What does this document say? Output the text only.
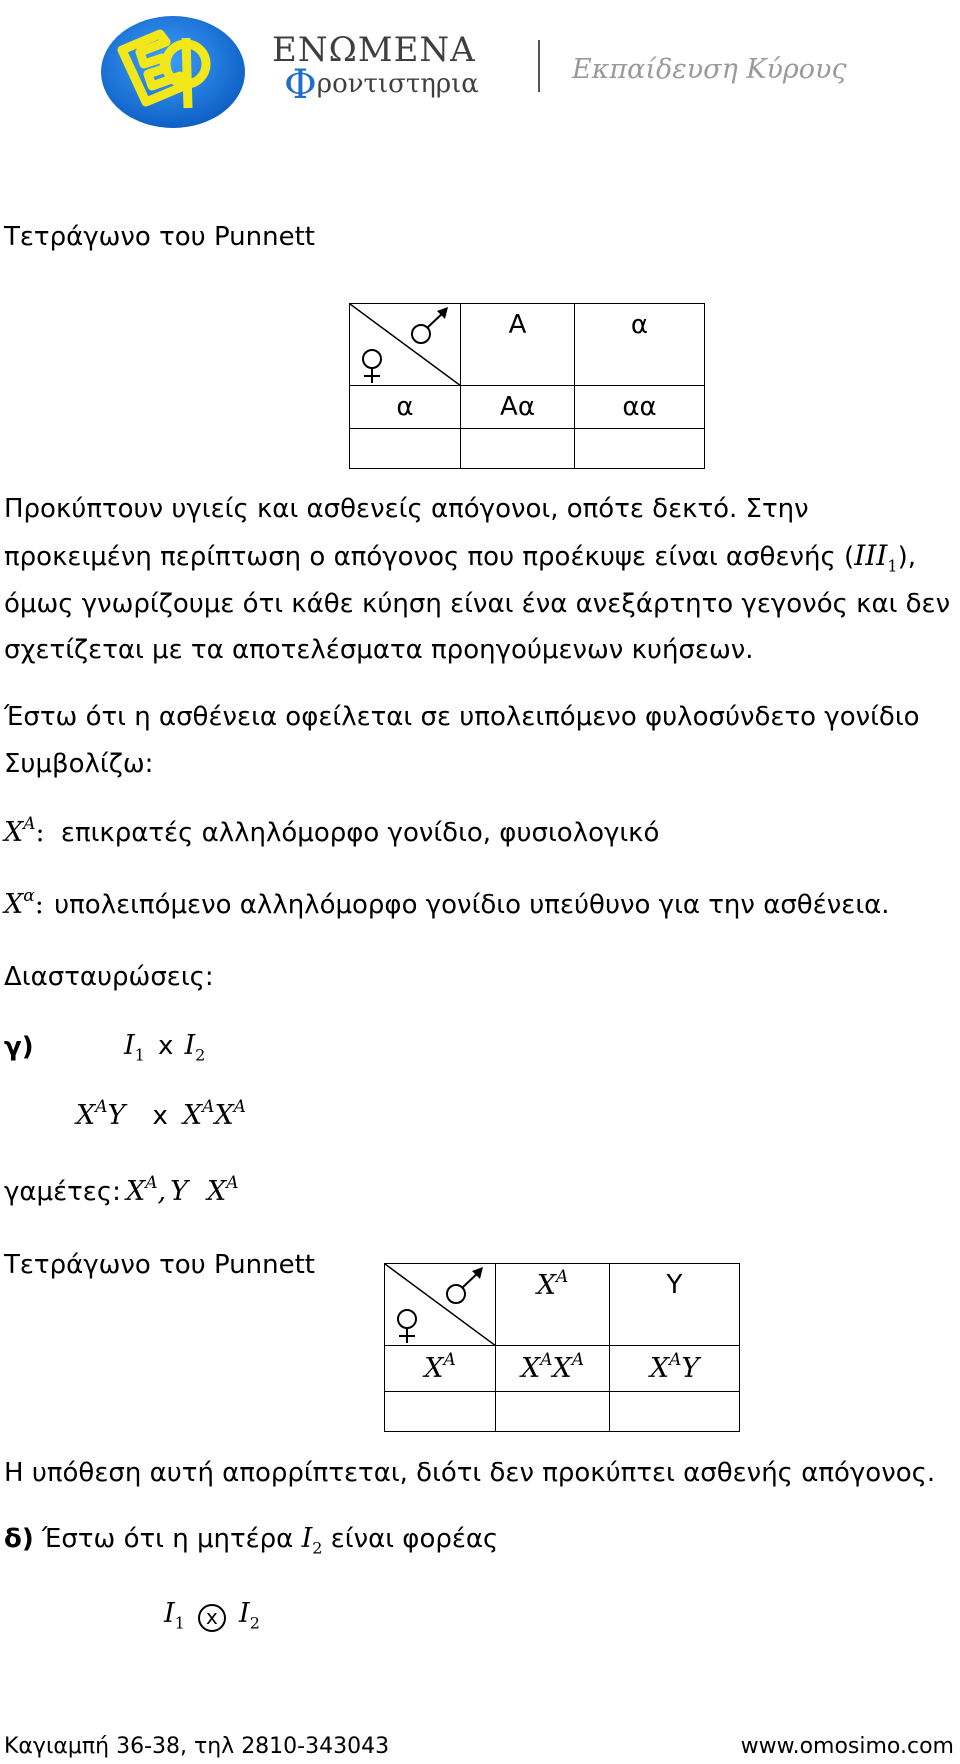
ΕΝΩΜΕΝΑ
Φροντιστηρια	Εκπαίδευση Κύρους
Τετράγωνο του Punnett
	Α	α
α	Αα	αα

Προκύπτουν υγιείς και ασθενείς απόγονοι, οπότε δεκτό. Στην
προκειμένη περίπτωση ο απόγονος που προέκυψε είναι ασθενής $(III_1)$,
όμως γνωρίζουμε ότι κάθε κύηση είναι ένα ανεξάρτητο γεγονός και δεν
σχετίζεται με τα αποτελέσματα προηγούμενων κυήσεων.
Έστω ότι η ασθένεια οφείλεται σε υπολειπόμενο φυλοσύνδετο γονίδιο
Συμβολίζω:
$X^A$: επικρατές αλληλόμορφο γονίδιο, φυσιολογικό
$X^\alpha$: υπολειπόμενο αλληλόμορφο γονίδιο υπεύθυνο για την ασθένεια.
Διασταυρώσεις:
γ)	$I_1$ x $I_2$
$X^AY$ x $X^AX^A$
γαμέτες: $X^A$, Y $X^A$
Τετράγωνο του Punnett
	$X^A$	Y
$X^A$	$X^AX^A$	$X^AY$

Η υπόθεση αυτή απορρίπτεται, διότι δεν προκύπτει ασθενής απόγονος.
δ) Έστω ότι η μητέρα $I_2$ είναι φορέας
$I_1$ x $I_2$
Καγιαμπή 36-38, τηλ 2810-343043	www.omosimo.com
